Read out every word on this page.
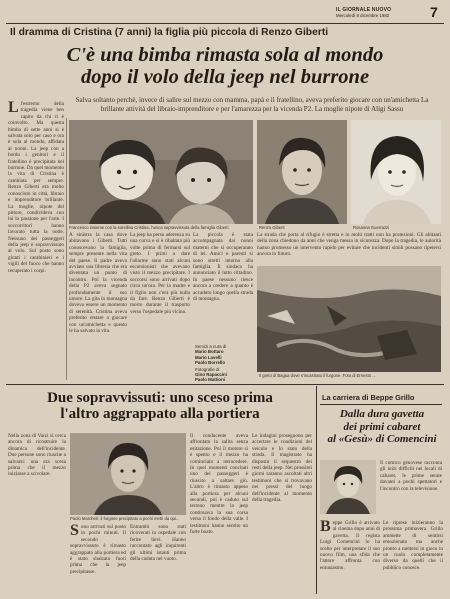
IL GIORNALE NUOVO
Mercoledì 8 dicembre 1982	7
Il dramma di Cristina (7 anni) la figlia più piccola di Renzo Giberti
C'è una bimba rimasta sola al mondo
dopo il volo della jeep nel burrone
Salva soltanto perchè, invece di salire sul mezzo con mamma, papà e il fratellino, aveva preferito giocare con un'amichetta La brillante attività del libraio-imprenditore e per l'amarezza per la vicenda P2. La moglie nipote di Aligi Sassu
Ll'estremo della tragedia viene ben capito da chi ci è coinvolto. Ma questa bimba di sette anni si è salvata solo per caso e ora è sola al mondo, affidata ai nonni. La jeep con a bordo i genitori e il fratellino è precipitata nel burrone. Da quel momento la vita di Cristina è cambiata per sempre. Renzo Giberti era molto conosciuto in città, libraio e imprenditore brillante. La moglie, nipote del pittore, condivideva con lui la passione per l'arte. I soccorritori hanno lavorato tutta la notte. Nessuno dei passeggeri della jeep è sopravvissuto al volo. Sul posto sono giunti i carabinieri e i vigili del fuoco che hanno recuperato i corpi.
Francesco insieme con la sorellina Cristina, l'unica sopravvissuta della famiglia Giberti	Renzo Giberti	Rosanna Guerrazzi
A sinistra la casa dove abitavano i Giberti. Tutti conoscevano la famiglia, sempre presente nella vita del paese. Il padre aveva avviato una libreria che era diventata un punto di incontro. Poi la vicenda della P2 aveva segnato profondamente il suo umore. La gita in montagna doveva essere un momento di serenità. Cristina aveva preferito restare a giocare con un'amichetta e questo le ha salvato la vita.
La jeep ha perso aderenza su una curva e si è ribaltata più volte prima di fermarsi sul greto. I primi a dare l'allarme sono stati alcuni escursionisti che avevano visto il mezzo precipitare. I soccorsi sono arrivati dopo circa un'ora. Per la madre e il figlio non c'era più nulla da fare. Renzo Giberti è morto durante il trasporto verso l'ospedale più vicino.
La piccola è stata accompagnata dai nonni materni che si occuperanno di lei. Amici e parenti si sono stretti intorno alla famiglia. Il sindaco ha annunciato il lutto cittadino. In paese nessuno riesce ancora a credere a quanto è accaduto lungo quella strada di montagna.
Servizi a cura di
Mario Bottaro
Mario Lavelli
Paolo Borrello
Fotografie di
Gino Rapaccini
Paolo Mattioni
La strada che porta al rifugio è stretta e in molti tratti non ha protezioni. Gli abitanti della zona chiedono da anni che venga messa in sicurezza. Dopo la tragedia, le autorità hanno promesso un intervento rapido per evitare che incidenti simili possano ripetersi ancora in futuro.
Il greto di Bagua dove s'incastrato il furgone. Foto di Ernesto ...
Due sopravvissuti: uno sceso prima
l'altro aggrappato alla portiera
Paolo Marcheri: il furgone precipitato a pochi metri da qui...
Nella zona di Varzi si cerca ancora di ricostruire la dinamica dell'incidente. Due persone sono riuscite a salvarsi: una era scesa prima che il mezzo iniziasse a scivolare.
Sono arrivati sul posto in pochi minuti. Il secondo sopravvissuto è rimasto aggrappato alla portiera ed è stato sbalzato fuori prima che la jeep precipitasse.
Entrambi sono stati ricoverati in ospedale con ferite lievi. Hanno raccontato agli inquirenti gli ultimi istanti prima della caduta nel vuoto.
Il conducente aveva affrontato la salita senza esitazione. Poi il motore si è spento e il mezzo ha cominciato a retrocedere. In quei momenti concitati uno dei passeggeri è riuscito a saltare giù. L'altro è rimasto appeso alla portiera per alcuni secondi, poi è caduto sul terreno mentre la jeep continuava la sua corsa verso il fondo della valle. I testimoni hanno sentito un forte boato.
Le indagini proseguono per accertare le condizioni del veicolo e lo stato della strada. Il magistrato ha disposto il sequestro dei resti della jeep. Nei prossimi giorni saranno ascoltati altri testimoni che si trovavano nei pressi del luogo dell'incidente al momento della tragedia.
La carriera di Beppe Grillo
Dalla dura gavetta
dei primi cabaret
al «Gesù» di Comencini
Il comico genovese racconta gli inizi difficili nei locali di cabaret, le prime serate davanti a pochi spettatori e l'incontro con la televisione.
Beppe Grillo è arrivato al cinema dopo anni di gavetta. Il regista Luigi Comencini lo ha scelto per interpretare il suo nuovo film, una sfida che l'attore affronta con entusiasmo.
Le riprese inizieranno la prossima primavera. Grillo ammette di sentirsi emozionato ma anche pronto a mettersi in gioco in un ruolo completamente diverso da quelli che il pubblico conosce.
